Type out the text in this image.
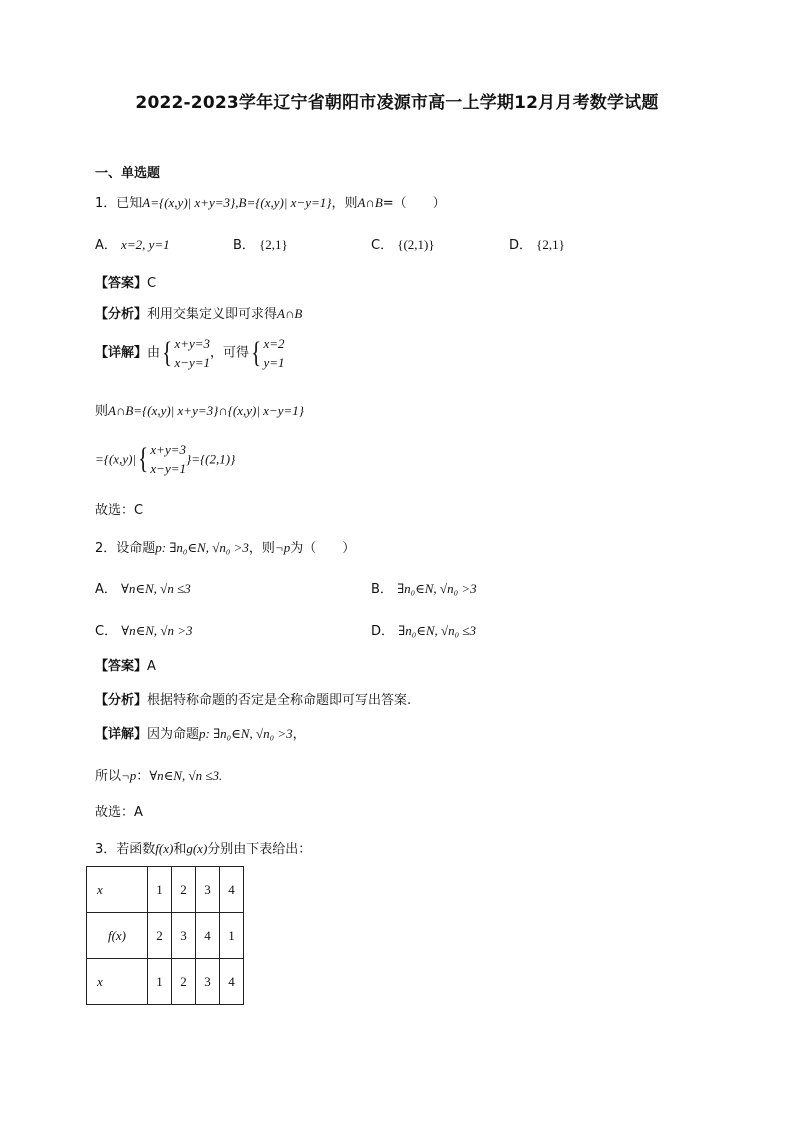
2022-2023学年辽宁省朝阳市凌源市高一上学期12月月考数学试题
一、单选题
1．已知A={(x,y)| x+y=3},B={(x,y)| x−y=1}，则A∩B=（　　）
A． x=2, y=1	B． {2,1}	C． {(2,1)}	D． {2,1}
【答案】C
【分析】利用交集定义即可求得A∩B
【详解】由{ x+y=3
x−y=1
，可得{ x=2
y=1
则A∩B={(x,y)| x+y=3}∩{(x,y)| x−y=1}
={(x,y)|{ x+y=3
x−y=1
}={(2,1)}
故选：C
2．设命题p: ∃n₀∈N, √n₀ >3，则¬p为（　　）
A． ∀n∈N, √n ≤3	B． ∃n₀∈N, √n₀ >3
C． ∀n∈N, √n >3	D． ∃n₀∈N, √n₀ ≤3
【答案】A
【分析】根据特称命题的否定是全称命题即可写出答案.
【详解】因为命题p: ∃n₀∈N, √n₀ >3，
所以¬p：∀n∈N, √n ≤3.
故选：A
3．若函数f(x)和g(x)分别由下表给出：
x	1	2	3	4
f(x)	2	3	4	1
x	1	2	3	4
